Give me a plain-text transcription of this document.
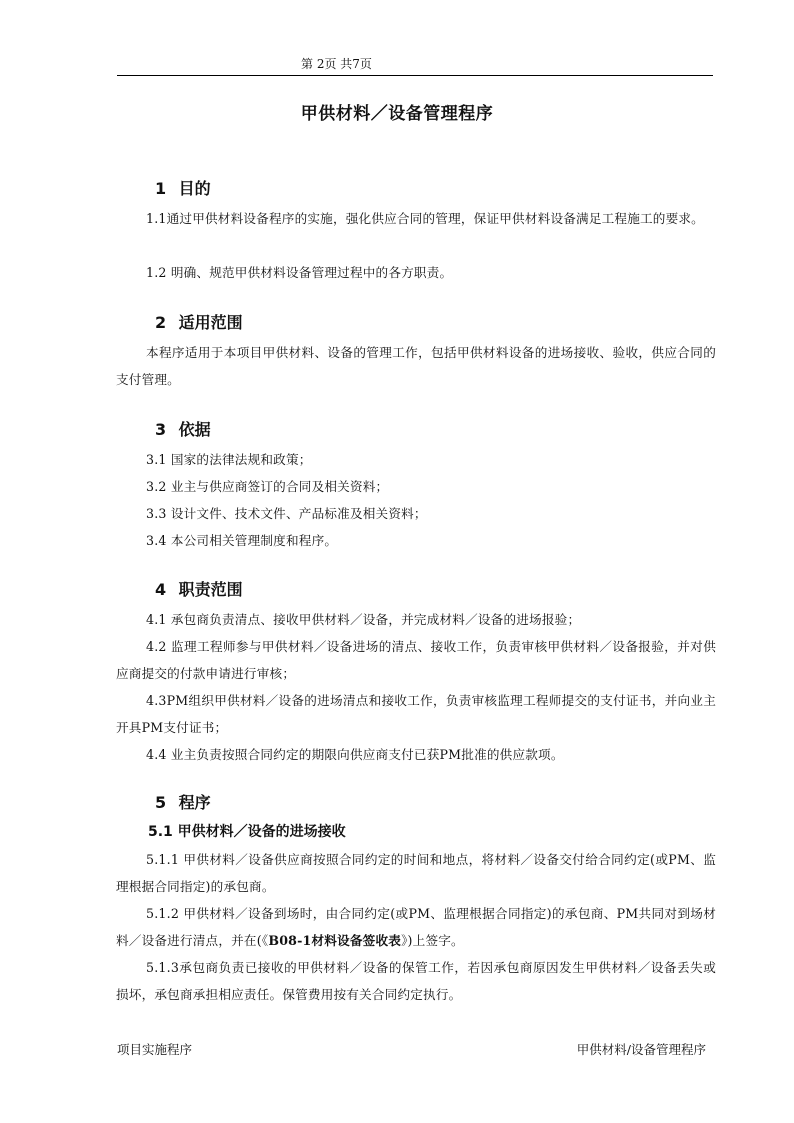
第 2页 共7页
甲供材料／设备管理程序
1 目的
1.1通过甲供材料设备程序的实施，强化供应合同的管理，保证甲供材料设备满足工程施工的要求。
1.2 明确、规范甲供材料设备管理过程中的各方职责。
2 适用范围
本程序适用于本项目甲供材料、设备的管理工作，包括甲供材料设备的进场接收、验收，供应合同的支付管理。
3 依据
3.1 国家的法律法规和政策；
3.2 业主与供应商签订的合同及相关资料；
3.3 设计文件、技术文件、产品标准及相关资料；
3.4 本公司相关管理制度和程序。
4 职责范围
4.1 承包商负责清点、接收甲供材料／设备，并完成材料／设备的进场报验；
4.2 监理工程师参与甲供材料／设备进场的清点、接收工作，负责审核甲供材料／设备报验，并对供应商提交的付款申请进行审核；
4.3PM组织甲供材料／设备的进场清点和接收工作，负责审核监理工程师提交的支付证书，并向业主开具PM支付证书；
4.4 业主负责按照合同约定的期限向供应商支付已获PM批准的供应款项。
5 程序
5.1 甲供材料／设备的进场接收
5.1.1 甲供材料／设备供应商按照合同约定的时间和地点，将材料／设备交付给合同约定(或PM、监理根据合同指定)的承包商。
5.1.2 甲供材料／设备到场时，由合同约定(或PM、监理根据合同指定)的承包商、PM共同对到场材料／设备进行清点，并在(《B08-1材料设备签收表》)上签字。
5.1.3承包商负责已接收的甲供材料／设备的保管工作，若因承包商原因发生甲供材料／设备丢失或损坏，承包商承担相应责任。保管费用按有关合同约定执行。
项目实施程序	甲供材料/设备管理程序
